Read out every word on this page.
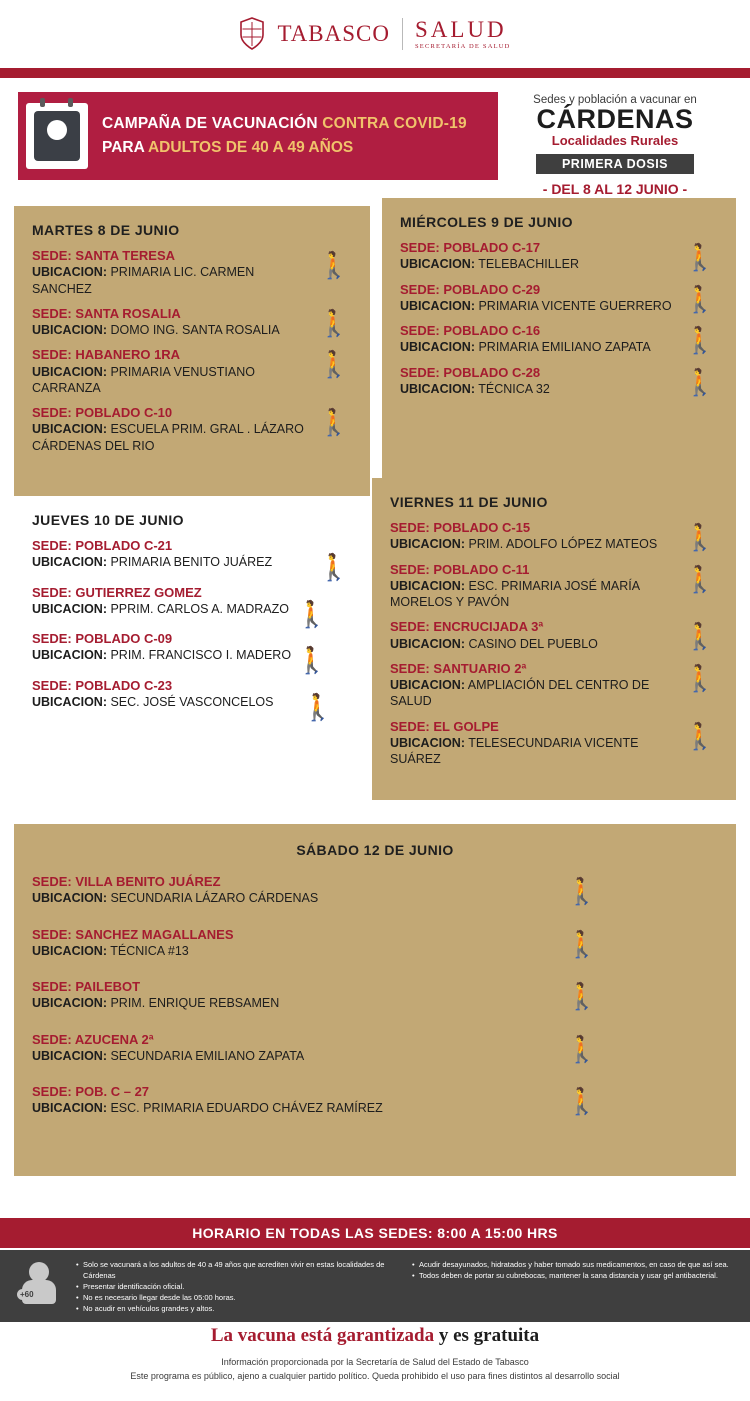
TABASCO SALUD
SECRETARÍA DE SALUD
CAMPAÑA DE VACUNACIÓN CONTRA COVID-19
PARA ADULTOS DE 40 A 49 AÑOS
Sedes y población a vacunar en
CÁRDENAS
Localidades Rurales
PRIMERA DOSIS
- DEL 8 AL 12 JUNIO -
MARTES 8 DE JUNIO
SEDE: SANTA TERESA
UBICACION: PRIMARIA LIC. CARMEN SANCHEZ
🚶
SEDE: SANTA ROSALIA
UBICACION: DOMO ING. SANTA ROSALIA	🚶
SEDE: HABANERO 1RA
UBICACION: PRIMARIA VENUSTIANO CARRANZA
🚶
SEDE: POBLADO C-10
UBICACION: ESCUELA PRIM. GRAL . LÁZARO CÁRDENAS DEL RIO
🚶
JUEVES 10 DE JUNIO
SEDE: POBLADO C-21
UBICACION: PRIMARIA BENITO JUÁREZ	🚶
SEDE: GUTIERREZ GOMEZ
UBICACION: PPRIM. CARLOS A. MADRAZO 🚶
SEDE: POBLADO C-09
UBICACION: PRIM. FRANCISCO I. MADERO 🚶
SEDE: POBLADO C-23
UBICACION: SEC. JOSÉ VASCONCELOS	🚶
MIÉRCOLES 9 DE JUNIO
SEDE: POBLADO C-17
UBICACION: TELEBACHILLER	🚶
SEDE: POBLADO C-29
UBICACION: PRIMARIA VICENTE GUERRERO 🚶
SEDE: POBLADO C-16
UBICACION: PRIMARIA EMILIANO ZAPATA	🚶
SEDE: POBLADO C-28
UBICACION: TÉCNICA 32	🚶
VIERNES 11 DE JUNIO
SEDE: POBLADO C-15
UBICACION: PRIM. ADOLFO LÓPEZ MATEOS	🚶
SEDE: POBLADO C-11
UBICACION: ESC. PRIMARIA JOSÉ MARÍA MORELOS Y PAVÓN
🚶
SEDE: ENCRUCIJADA 3ª
UBICACION: CASINO DEL PUEBLO	🚶
SEDE: SANTUARIO 2ª
UBICACION: AMPLIACIÓN DEL CENTRO DE SALUD
🚶
SEDE: EL GOLPE
UBICACION: TELESECUNDARIA VICENTE SUÁREZ
🚶
SÁBADO 12 DE JUNIO
SEDE: VILLA BENITO JUÁREZ
UBICACION: SECUNDARIA LÁZARO CÁRDENAS	🚶
SEDE: SANCHEZ MAGALLANES
UBICACION: TÉCNICA #13	🚶
SEDE: PAILEBOT
UBICACION: PRIM. ENRIQUE REBSAMEN	🚶
SEDE: AZUCENA 2ª
UBICACION: SECUNDARIA EMILIANO ZAPATA	🚶
SEDE: POB. C – 27
UBICACION: ESC. PRIMARIA EDUARDO CHÁVEZ RAMÍREZ	🚶
HORARIO EN TODAS LAS SEDES: 8:00 A 15:00 HRS
+60
• Solo se vacunará a los adultos de 40 a 49 años que acrediten vivir en estas localidades de Cárdenas
• Presentar identificación oficial.
• No es necesario llegar desde las 05:00 horas.
• No acudir en vehículos grandes y altos.
• Acudir desayunados, hidratados y haber tomado sus medicamentos, en caso de que así sea.
• Todos deben de portar su cubrebocas, mantener la sana distancia y usar gel antibacterial.
La vacuna está garantizada y es gratuita
Información proporcionada por la Secretaría de Salud del Estado de Tabasco
Este programa es público, ajeno a cualquier partido político. Queda prohibido el uso para fines distintos al desarrollo social
